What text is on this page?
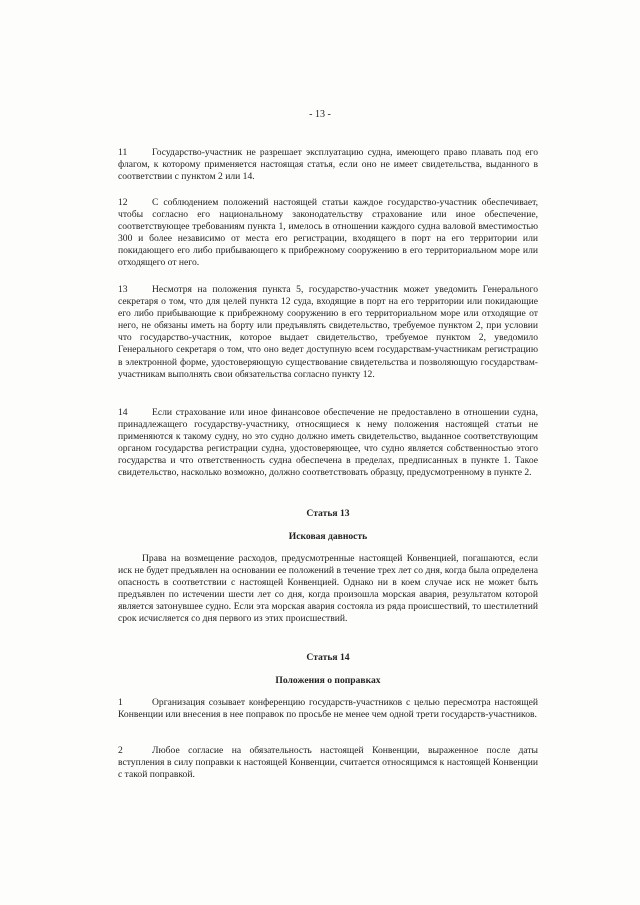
- 13 -

11	Государство-участник не разрешает эксплуатацию судна, имеющего право плавать под его флагом, к которому применяется настоящая статья, если оно не имеет свидетельства, выданного в соответствии с пунктом 2 или 14.

12	С соблюдением положений настоящей статьи каждое государство-участник обеспечивает, чтобы согласно его национальному законодательству страхование или иное обеспечение, соответствующее требованиям пункта 1, имелось в отношении каждого судна валовой вместимостью 300 и более независимо от места его регистрации, входящего в порт на его территории или покидающего его либо прибывающего к прибрежному сооружению в его территориальном море или отходящего от него.

13	Несмотря на положения пункта 5, государство-участник может уведомить Генерального секретаря о том, что для целей пункта 12 суда, входящие в порт на его территории или покидающие его либо прибывающие к прибрежному сооружению в его территориальном море или отходящие от него, не обязаны иметь на борту или предъявлять свидетельство, требуемое пунктом 2, при условии что государство-участник, которое выдает свидетельство, требуемое пунктом 2, уведомило Генерального секретаря о том, что оно ведет доступную всем государствам-участникам регистрацию в электронной форме, удостоверяющую существование свидетельства и позволяющую государствам-участникам выполнять свои обязательства согласно пункту 12.

14	Если страхование или иное финансовое обеспечение не предоставлено в отношении судна, принадлежащего государству-участнику, относящиеся к нему положения настоящей статьи не применяются к такому судну, но это судно должно иметь свидетельство, выданное соответствующим органом государства регистрации судна, удостоверяющее, что судно является собственностью этого государства и что ответственность судна обеспечена в пределах, предписанных в пункте 1. Такое свидетельство, насколько возможно, должно соответствовать образцу, предусмотренному в пункте 2.

Статья 13
Исковая давность

Права на возмещение расходов, предусмотренные настоящей Конвенцией, погашаются, если иск не будет предъявлен на основании ее положений в течение трех лет со дня, когда была определена опасность в соответствии с настоящей Конвенцией. Однако ни в коем случае иск не может быть предъявлен по истечении шести лет со дня, когда произошла морская авария, результатом которой является затонувшее судно. Если эта морская авария состояла из ряда происшествий, то шестилетний срок исчисляется со дня первого из этих происшествий.

Статья 14
Положения о поправках

1	Организация созывает конференцию государств-участников с целью пересмотра настоящей Конвенции или внесения в нее поправок по просьбе не менее чем одной трети государств-участников.

2	Любое согласие на обязательность настоящей Конвенции, выраженное после даты вступления в силу поправки к настоящей Конвенции, считается относящимся к настоящей Конвенции с такой поправкой.
